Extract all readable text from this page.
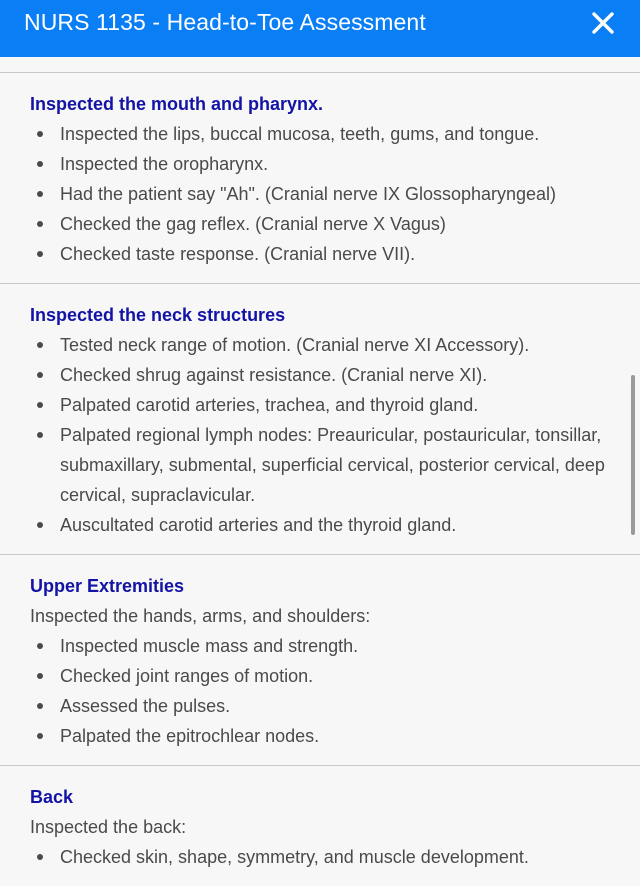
NURS 1135 - Head-to-Toe Assessment
Inspected the mouth and pharynx.
Inspected the lips, buccal mucosa, teeth, gums, and tongue.
Inspected the oropharynx.
Had the patient say "Ah". (Cranial nerve IX Glossopharyngeal)
Checked the gag reflex. (Cranial nerve X Vagus)
Checked taste response. (Cranial nerve VII).
Inspected the neck structures
Tested neck range of motion. (Cranial nerve XI Accessory).
Checked shrug against resistance. (Cranial nerve XI).
Palpated carotid arteries, trachea, and thyroid gland.
Palpated regional lymph nodes: Preauricular, postauricular, tonsillar, submaxillary, submental, superficial cervical, posterior cervical, deep cervical, supraclavicular.
Auscultated carotid arteries and the thyroid gland.
Upper Extremities
Inspected the hands, arms, and shoulders:
Inspected muscle mass and strength.
Checked joint ranges of motion.
Assessed the pulses.
Palpated the epitrochlear nodes.
Back
Inspected the back:
Checked skin, shape, symmetry, and muscle development.
